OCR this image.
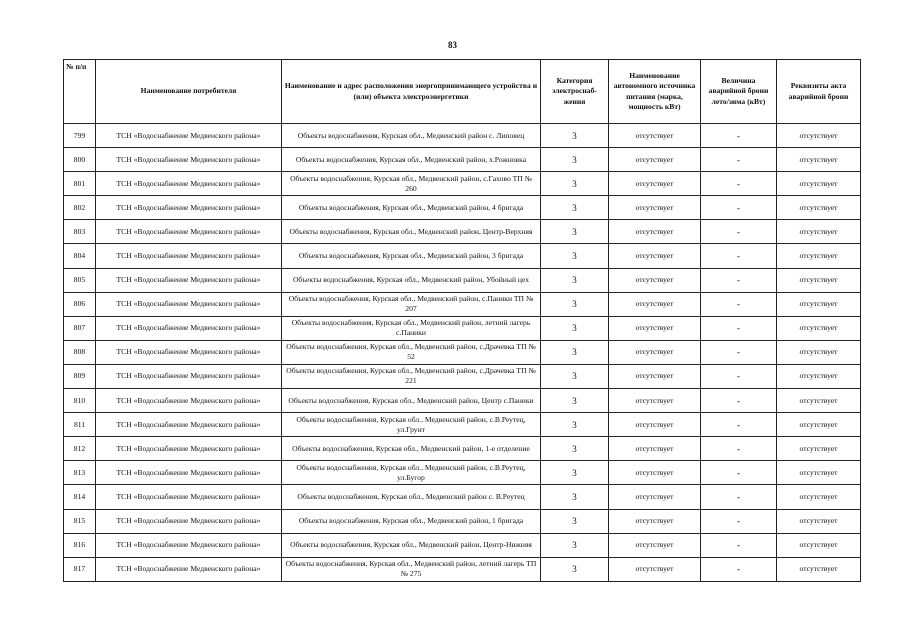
83
№ п/п	Наименование потребителя	Наименование и адрес расположения энергопринимающего устройства и (или) объекта электроэнергетики	Категория электроснаб-жения	Наименование автономного источника питания (марка, мощность кВт)	Величина аварийной брони лето/зима (кВт)	Реквизиты акта аварийной брони
799	ТСН «Водоснабжение Медвенского района»	Объекты водоснабжения, Курская обл., Медвенский район с. Липовец	3	отсутствует	-	отсутствует
800	ТСН «Водоснабжение Медвенского района»	Объекты водоснабжения, Курская обл., Медвенский район, х.Рожновка	3	отсутствует	-	отсутствует
801	ТСН «Водоснабжение Медвенского района»	Объекты водоснабжения, Курская обл., Медвенский район, с.Гахово ТП № 260	3	отсутствует	-	отсутствует
802	ТСН «Водоснабжение Медвенского района»	Объекты водоснабжения, Курская обл., Медвенский район, 4 бригада	3	отсутствует	-	отсутствует
803	ТСН «Водоснабжение Медвенского района»	Объекты водоснабжения, Курская обл., Медвенский район, Центр-Верхняя	3	отсутствует	-	отсутствует
804	ТСН «Водоснабжение Медвенского района»	Объекты водоснабжения, Курская обл., Медвенский район, 3 бригада	3	отсутствует	-	отсутствует
805	ТСН «Водоснабжение Медвенского района»	Объекты водоснабжения, Курская обл., Медвенский район, Убойный цех	3	отсутствует	-	отсутствует
806	ТСН «Водоснабжение Медвенского района»	Объекты водоснабжения, Курская обл., Медвенский район, с.Паники ТП № 207	3	отсутствует	-	отсутствует
807	ТСН «Водоснабжение Медвенского района»	Объекты водоснабжения, Курская обл., Медвенский район, летний лагерь с.Паники	3	отсутствует	-	отсутствует
808	ТСН «Водоснабжение Медвенского района»	Объекты водоснабжения, Курская обл., Медвенский район, с.Драчевка ТП № 52	3	отсутствует	-	отсутствует
809	ТСН «Водоснабжение Медвенского района»	Объекты водоснабжения, Курская обл., Медвенский район, с.Драчевка ТП № 221	3	отсутствует	-	отсутствует
810	ТСН «Водоснабжение Медвенского района»	Объекты водоснабжения, Курская обл., Медвенский район, Центр с.Паники	3	отсутствует	-	отсутствует
811	ТСН «Водоснабжение Медвенского района»	Объекты водоснабжения, Курская обл., Медвенский район, с.В.Реутец, ул.Грунт	3	отсутствует	-	отсутствует
812	ТСН «Водоснабжение Медвенского района»	Объекты водоснабжения, Курская обл., Медвенский район, 1-е отделение	3	отсутствует	-	отсутствует
813	ТСН «Водоснабжение Медвенского района»	Объекты водоснабжения, Курская обл., Медвенский район, с.В.Реутец, ул.Бугор	3	отсутствует	-	отсутствует
814	ТСН «Водоснабжение Медвенского района»	Объекты водоснабжения, Курская обл., Медвенский район с. В.Реутец	3	отсутствует	-	отсутствует
815	ТСН «Водоснабжение Медвенского района»	Объекты водоснабжения, Курская обл., Медвенский район, 1 бригада	3	отсутствует	-	отсутствует
816	ТСН «Водоснабжение Медвенского района»	Объекты водоснабжения, Курская обл., Медвенский район, Центр-Нижняя	3	отсутствует	-	отсутствует
817	ТСН «Водоснабжение Медвенского района»	Объекты водоснабжения, Курская обл., Медвенский район, летний лагерь ТП № 275	3	отсутствует	-	отсутствует
